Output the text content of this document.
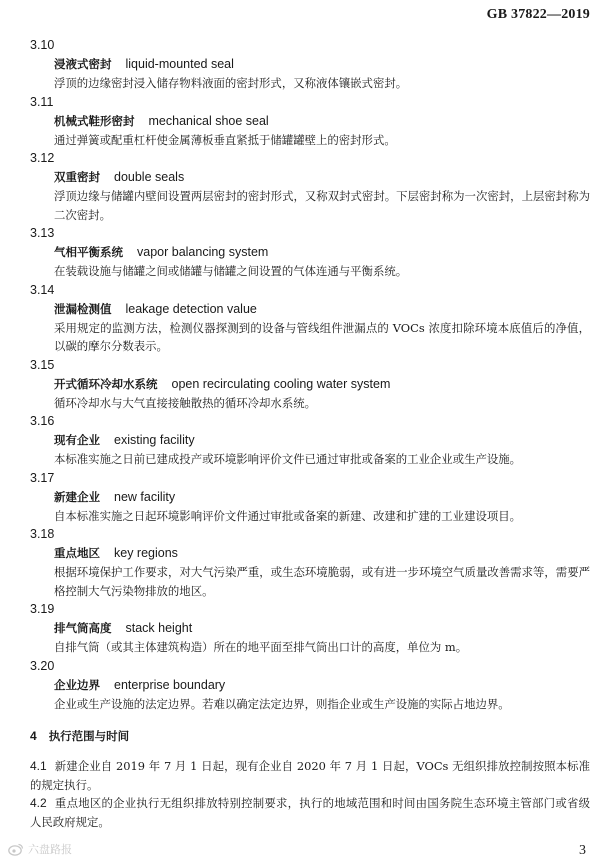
GB 37822—2019
3.10
浸液式密封 liquid-mounted seal
浮顶的边缘密封浸入储存物料液面的密封形式，又称液体镶嵌式密封。
3.11
机械式鞋形密封 mechanical shoe seal
通过弹簧或配重杠杆使金属薄板垂直紧抵于储罐罐壁上的密封形式。
3.12
双重密封 double seals
浮顶边缘与储罐内壁间设置两层密封的密封形式，又称双封式密封。下层密封称为一次密封，上层密封称为二次密封。
3.13
气相平衡系统 vapor balancing system
在装载设施与储罐之间或储罐与储罐之间设置的气体连通与平衡系统。
3.14
泄漏检测值 leakage detection value
采用规定的监测方法，检测仪器探测到的设备与管线组件泄漏点的 VOCs 浓度扣除环境本底值后的净值，以碳的摩尔分数表示。
3.15
开式循环冷却水系统 open recirculating cooling water system
循环冷却水与大气直接接触散热的循环冷却水系统。
3.16
现有企业 existing facility
本标准实施之日前已建成投产或环境影响评价文件已通过审批或备案的工业企业或生产设施。
3.17
新建企业 new facility
自本标准实施之日起环境影响评价文件通过审批或备案的新建、改建和扩建的工业建设项目。
3.18
重点地区 key regions
根据环境保护工作要求，对大气污染严重，或生态环境脆弱，或有进一步环境空气质量改善需求等，需要严格控制大气污染物排放的地区。
3.19
排气筒高度 stack height
自排气筒（或其主体建筑构造）所在的地平面至排气筒出口计的高度，单位为 m。
3.20
企业边界 enterprise boundary
企业或生产设施的法定边界。若难以确定法定边界，则指企业或生产设施的实际占地边界。
4 执行范围与时间
4.1 新建企业自 2019 年 7 月 1 日起，现有企业自 2020 年 7 月 1 日起，VOCs 无组织排放控制按照本标准的规定执行。
4.2 重点地区的企业执行无组织排放特别控制要求，执行的地域范围和时间由国务院生态环境主管部门或省级人民政府规定。
六盘路报	3
